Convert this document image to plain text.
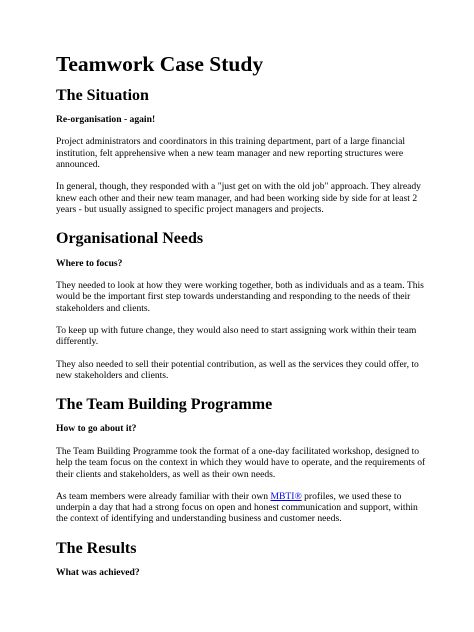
Teamwork Case Study
The Situation
Re-organisation - again!

Project administrators and coordinators in this training department, part of a large financial institution, felt apprehensive when a new team manager and new reporting structures were announced.

In general, though, they responded with a "just get on with the old job" approach. They already knew each other and their new team manager, and had been working side by side for at least 2 years - but usually assigned to specific project managers and projects.

Organisational Needs
Where to focus?

They needed to look at how they were working together, both as individuals and as a team. This would be the important first step towards understanding and responding to the needs of their stakeholders and clients.

To keep up with future change, they would also need to start assigning work within their team differently.

They also needed to sell their potential contribution, as well as the services they could offer, to new stakeholders and clients.

The Team Building Programme
How to go about it?

The Team Building Programme took the format of a one-day facilitated workshop, designed to help the team focus on the context in which they would have to operate, and the requirements of their clients and stakeholders, as well as their own needs.

As team members were already familiar with their own MBTI® profiles, we used these to underpin a day that had a strong focus on open and honest communication and support, within the context of identifying and understanding business and customer needs.

The Results
What was achieved?
